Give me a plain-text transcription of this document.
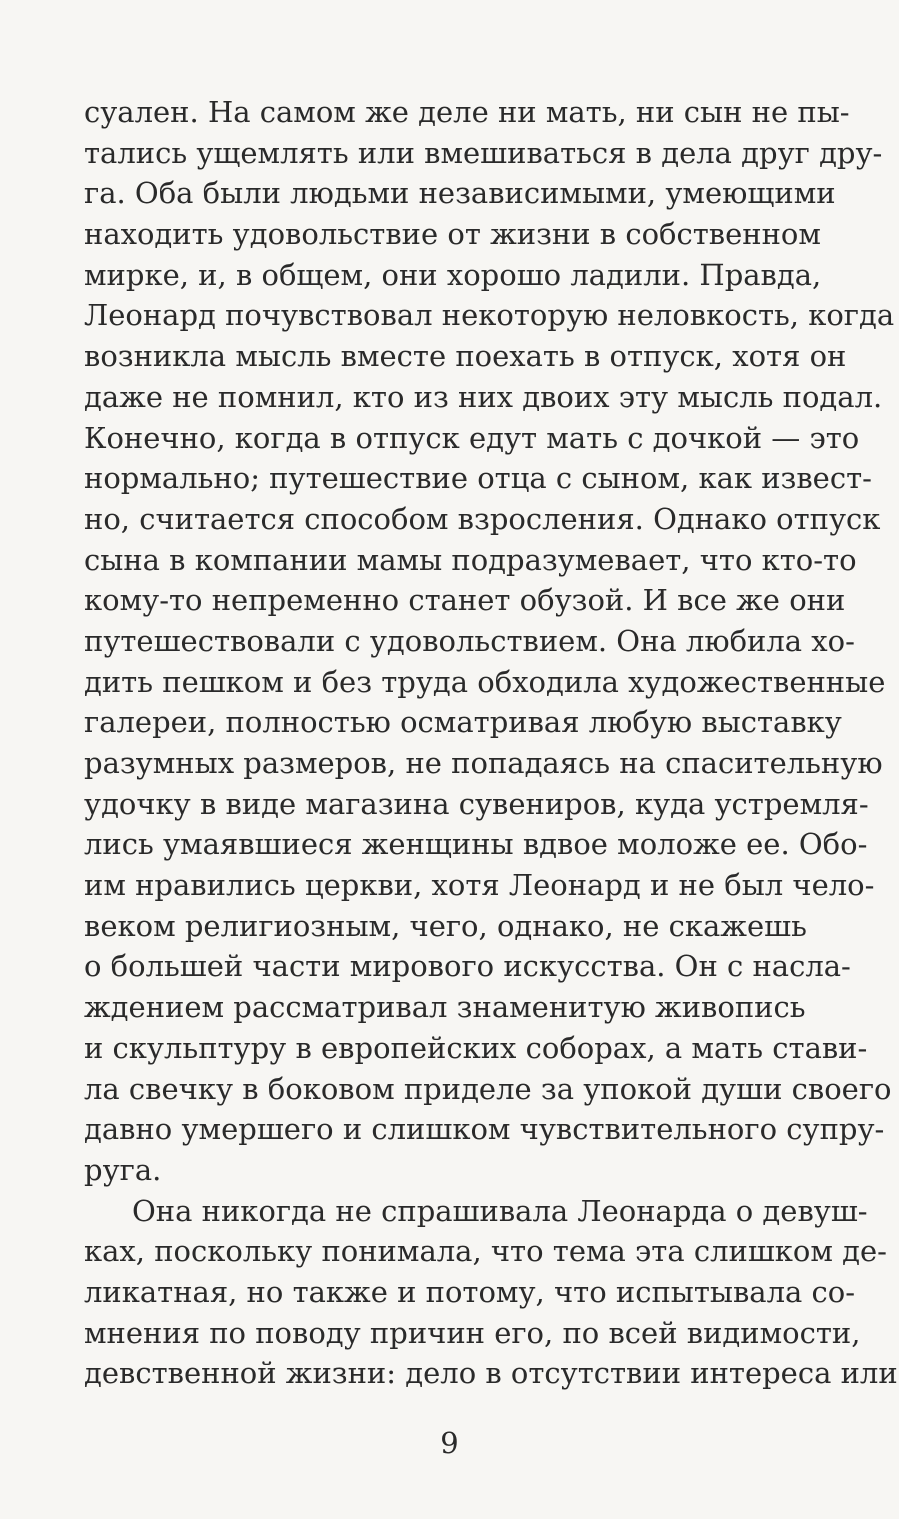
суален. На самом же деле ни мать, ни сын не пы-
тались ущемлять или вмешиваться в дела друг дру-
га. Оба были людьми независимыми, умеющими
находить удовольствие от жизни в собственном
мирке, и, в общем, они хорошо ладили. Правда,
Леонард почувствовал некоторую неловкость, когда
возникла мысль вместе поехать в отпуск, хотя он
даже не помнил, кто из них двоих эту мысль подал.
Конечно, когда в отпуск едут мать с дочкой — это
нормально; путешествие отца с сыном, как извест-
но, считается способом взросления. Однако отпуск
сына в компании мамы подразумевает, что кто-то
кому-то непременно станет обузой. И все же они
путешествовали с удовольствием. Она любила хо-
дить пешком и без труда обходила художественные
галереи, полностью осматривая любую выставку
разумных размеров, не попадаясь на спасительную
удочку в виде магазина сувениров, куда устремля-
лись умаявшиеся женщины вдвое моложе ее. Обо-
им нравились церкви, хотя Леонард и не был чело-
веком религиозным, чего, однако, не скажешь
о большей части мирового искусства. Он с насла-
ждением рассматривал знаменитую живопись
и скульптуру в европейских соборах, а мать стави-
ла свечку в боковом приделе за упокой души своего
давно умершего и слишком чувствительного супру-
руга.
Она никогда не спрашивала Леонарда о девуш-
ках, поскольку понимала, что тема эта слишком де-
ликатная, но также и потому, что испытывала со-
мнения по поводу причин его, по всей видимости,
девственной жизни: дело в отсутствии интереса или
9
